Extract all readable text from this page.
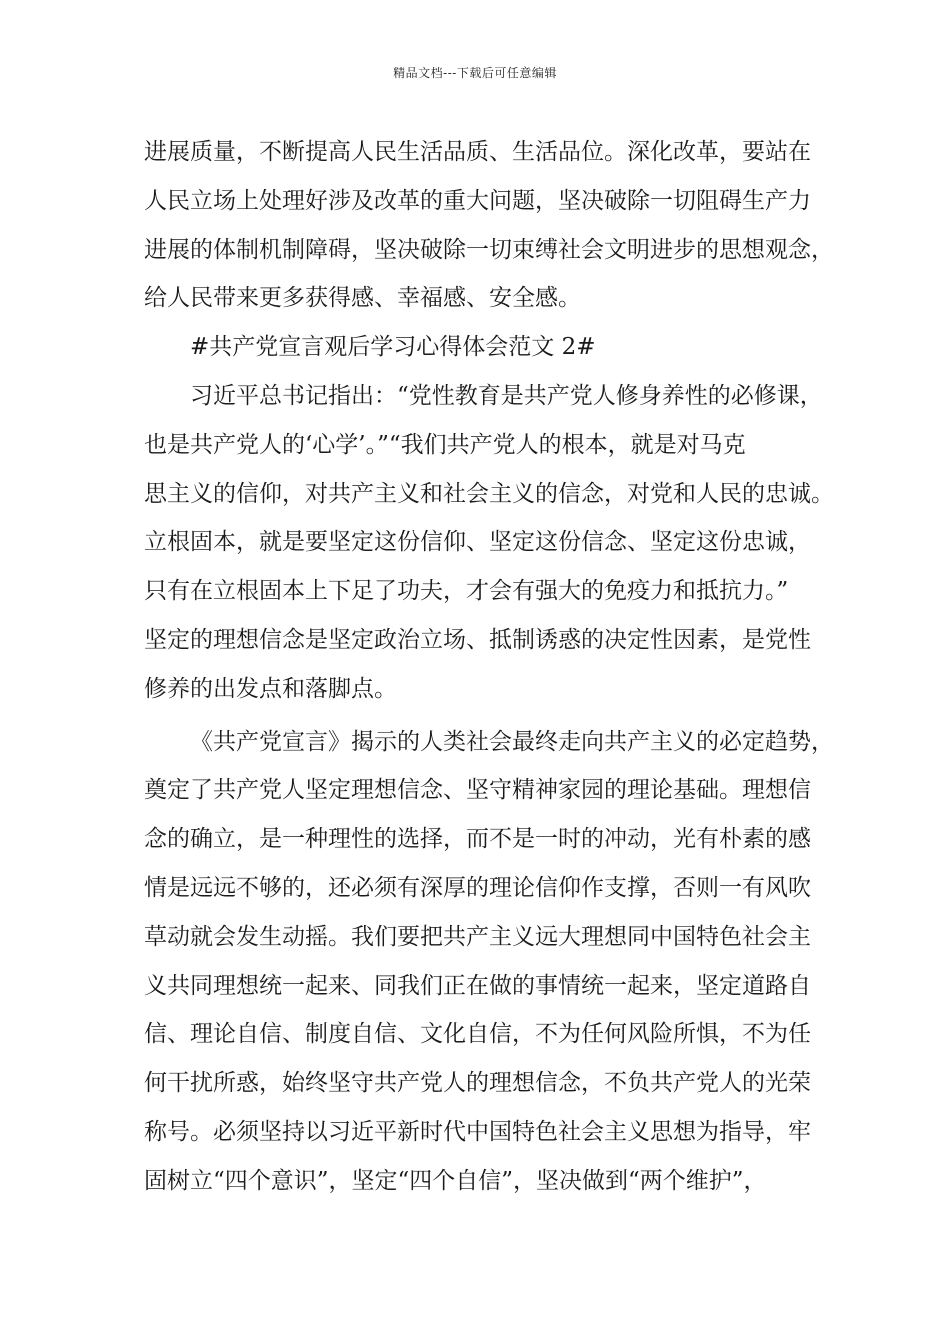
精品文档---下载后可任意编辑
进展质量，不断提高人民生活品质、生活品位。深化改革，要站在
人民立场上处理好涉及改革的重大问题，坚决破除一切阻碍生产力
进展的体制机制障碍，坚决破除一切束缚社会文明进步的思想观念，
给人民带来更多获得感、幸福感、安全感。
#共产党宣言观后学习心得体会范文 2#
习近平总书记指出：“党性教育是共产党人修身养性的必修课，
也是共产党人的‘心学’。”“我们共产党人的根本，就是对马克
思主义的信仰，对共产主义和社会主义的信念，对党和人民的忠诚。
立根固本，就是要坚定这份信仰、坚定这份信念、坚定这份忠诚，
只有在立根固本上下足了功夫，才会有强大的免疫力和抵抗力。”
坚定的理想信念是坚定政治立场、抵制诱惑的决定性因素，是党性
修养的出发点和落脚点。
《共产党宣言》揭示的人类社会最终走向共产主义的必定趋势，
奠定了共产党人坚定理想信念、坚守精神家园的理论基础。理想信
念的确立，是一种理性的选择，而不是一时的冲动，光有朴素的感
情是远远不够的，还必须有深厚的理论信仰作支撑，否则一有风吹
草动就会发生动摇。我们要把共产主义远大理想同中国特色社会主
义共同理想统一起来、同我们正在做的事情统一起来，坚定道路自
信、理论自信、制度自信、文化自信，不为任何风险所惧，不为任
何干扰所惑，始终坚守共产党人的理想信念，不负共产党人的光荣
称号。必须坚持以习近平新时代中国特色社会主义思想为指导，牢
固树立“四个意识”，坚定“四个自信”，坚决做到“两个维护”，
